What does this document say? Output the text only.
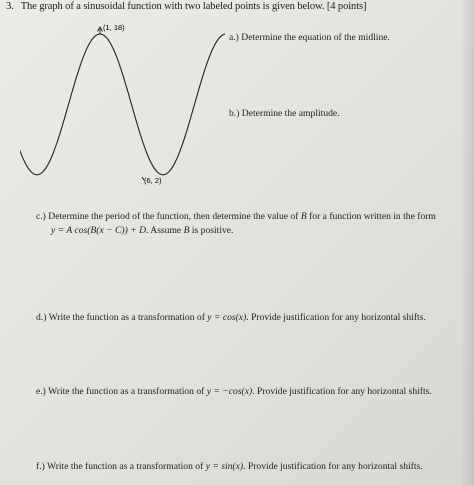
3. The graph of a sinusoidal function with two labeled points is given below. [4 points]
(1, 18)
(6, 2)
a.) Determine the equation of the midline.
b.) Determine the amplitude.
c.) Determine the period of the function, then determine the value of B for a function written in the form
y = A cos(B(x − C)) + D. Assume B is positive.
d.) Write the function as a transformation of y = cos(x). Provide justification for any horizontal shifts.
e.) Write the function as a transformation of y = −cos(x). Provide justification for any horizontal shifts.
f.) Write the function as a transformation of y = sin(x). Provide justification for any horizontal shifts.
